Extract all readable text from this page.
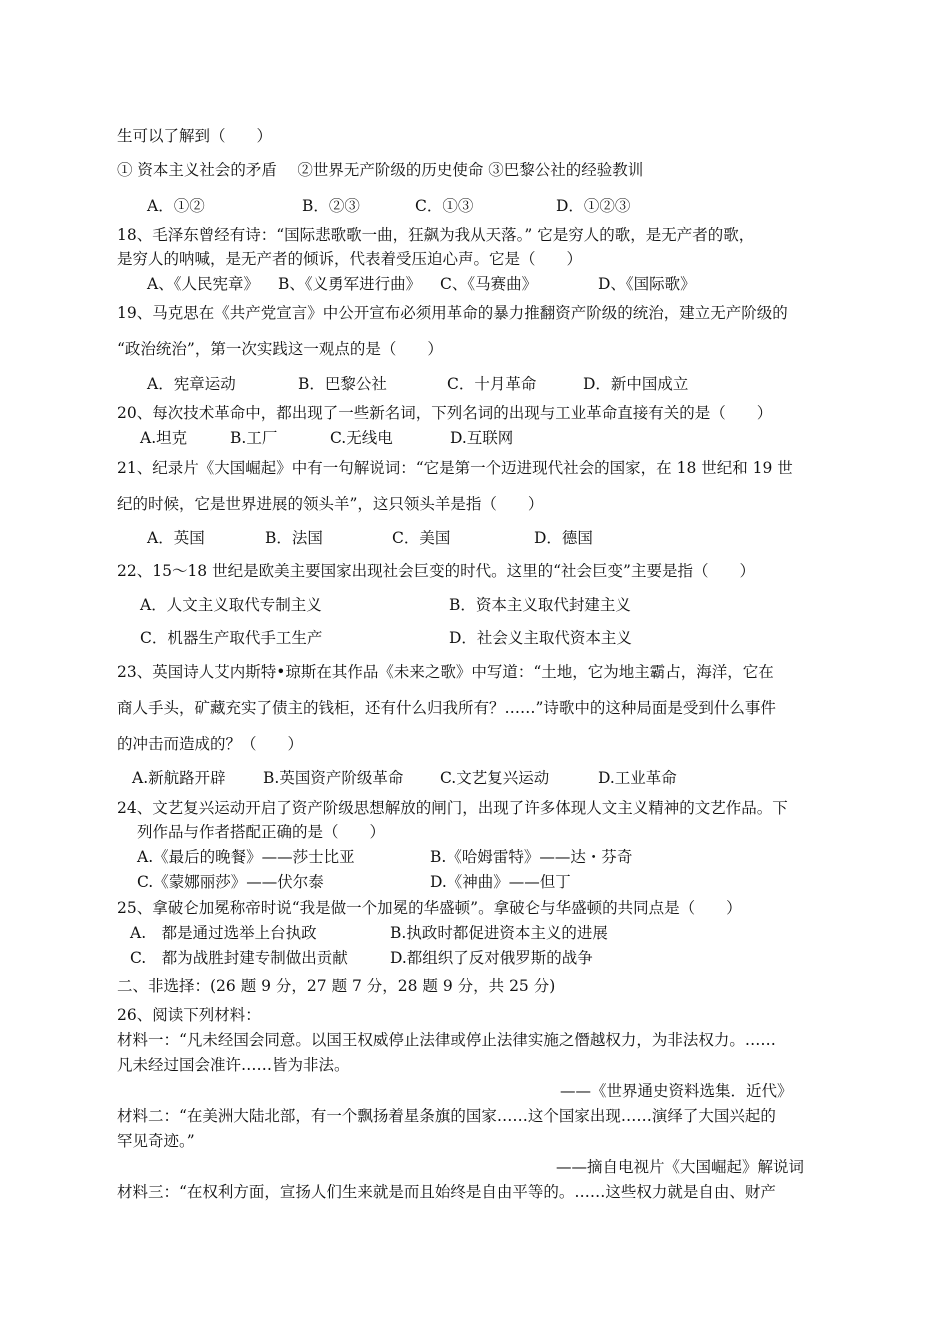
生可以了解到（　　）
① 资本主义社会的矛盾　 ②世界无产阶级的历史使命 ③巴黎公社的经验教训
A．①②	B．②③	C．①③	D．①②③
18、毛泽东曾经有诗：“国际悲歌歌一曲，狂飙为我从天落。” 它是穷人的歌，是无产者的歌，
是穷人的呐喊，是无产者的倾诉，代表着受压迫心声。它是（　　）
A、《人民宪章》 B、《义勇军进行曲》 C、《马赛曲》	D、《国际歌》
19、马克思在《共产党宣言》中公开宣布必须用革命的暴力推翻资产阶级的统治，建立无产阶级的
“政治统治”，第一次实践这一观点的是（　　）
A．宪章运动	B．巴黎公社	C．十月革命	D．新中国成立
20、每次技术革命中，都出现了一些新名词，下列名词的出现与工业革命直接有关的是（　　）
A.坦克	B.工厂	C.无线电	D.互联网
21、纪录片《大国崛起》中有一句解说词：“它是第一个迈进现代社会的国家，在 18 世纪和 19 世
纪的时候，它是世界进展的领头羊”，这只领头羊是指（　　）
A．英国	B．法国	C．美国	D．德国
22、15～18 世纪是欧美主要国家出现社会巨变的时代。这里的“社会巨变”主要是指（　　）
A．人文主义取代专制主义	B．资本主义取代封建主义
C．机器生产取代手工生产	D．社会义主取代资本主义
23、英国诗人艾内斯特•琼斯在其作品《未来之歌》中写道：“土地，它为地主霸占，海洋，它在
商人手头，矿藏充实了债主的钱柜，还有什么归我所有？……”诗歌中的这种局面是受到什么事件
的冲击而造成的？（　　）
A.新航路开辟 B.英国资产阶级革命 C.文艺复兴运动	D.工业革命
24、文艺复兴运动开启了资产阶级思想解放的闸门，出现了许多体现人文主义精神的文艺作品。下
列作品与作者搭配正确的是（　　）
A.《最后的晚餐》——莎士比亚	B.《哈姆雷特》——达・芬奇
C.《蒙娜丽莎》——伏尔泰	D.《神曲》——但丁
25、拿破仑加冕称帝时说“我是做一个加冕的华盛顿”。拿破仑与华盛顿的共同点是（　　）
A.　都是通过选举上台执政	B.执政时都促进资本主义的进展
C.　都为战胜封建专制做出贡献	D.都组织了反对俄罗斯的战争
二、非选择：(26 题 9 分，27 题 7 分，28 题 9 分，共 25 分)
26、阅读下列材料：
材料一：“凡未经国会同意。以国王权威停止法律或停止法律实施之僭越权力，为非法权力。……
凡未经过国会准许……皆为非法。
——《世界通史资料选集．近代》
材料二：“在美洲大陆北部，有一个飘扬着星条旗的国家……这个国家出现……演绎了大国兴起的
罕见奇迹。”
——摘自电视片《大国崛起》解说词
材料三：“在权利方面，宣扬人们生来就是而且始终是自由平等的。……这些权力就是自由、财产
